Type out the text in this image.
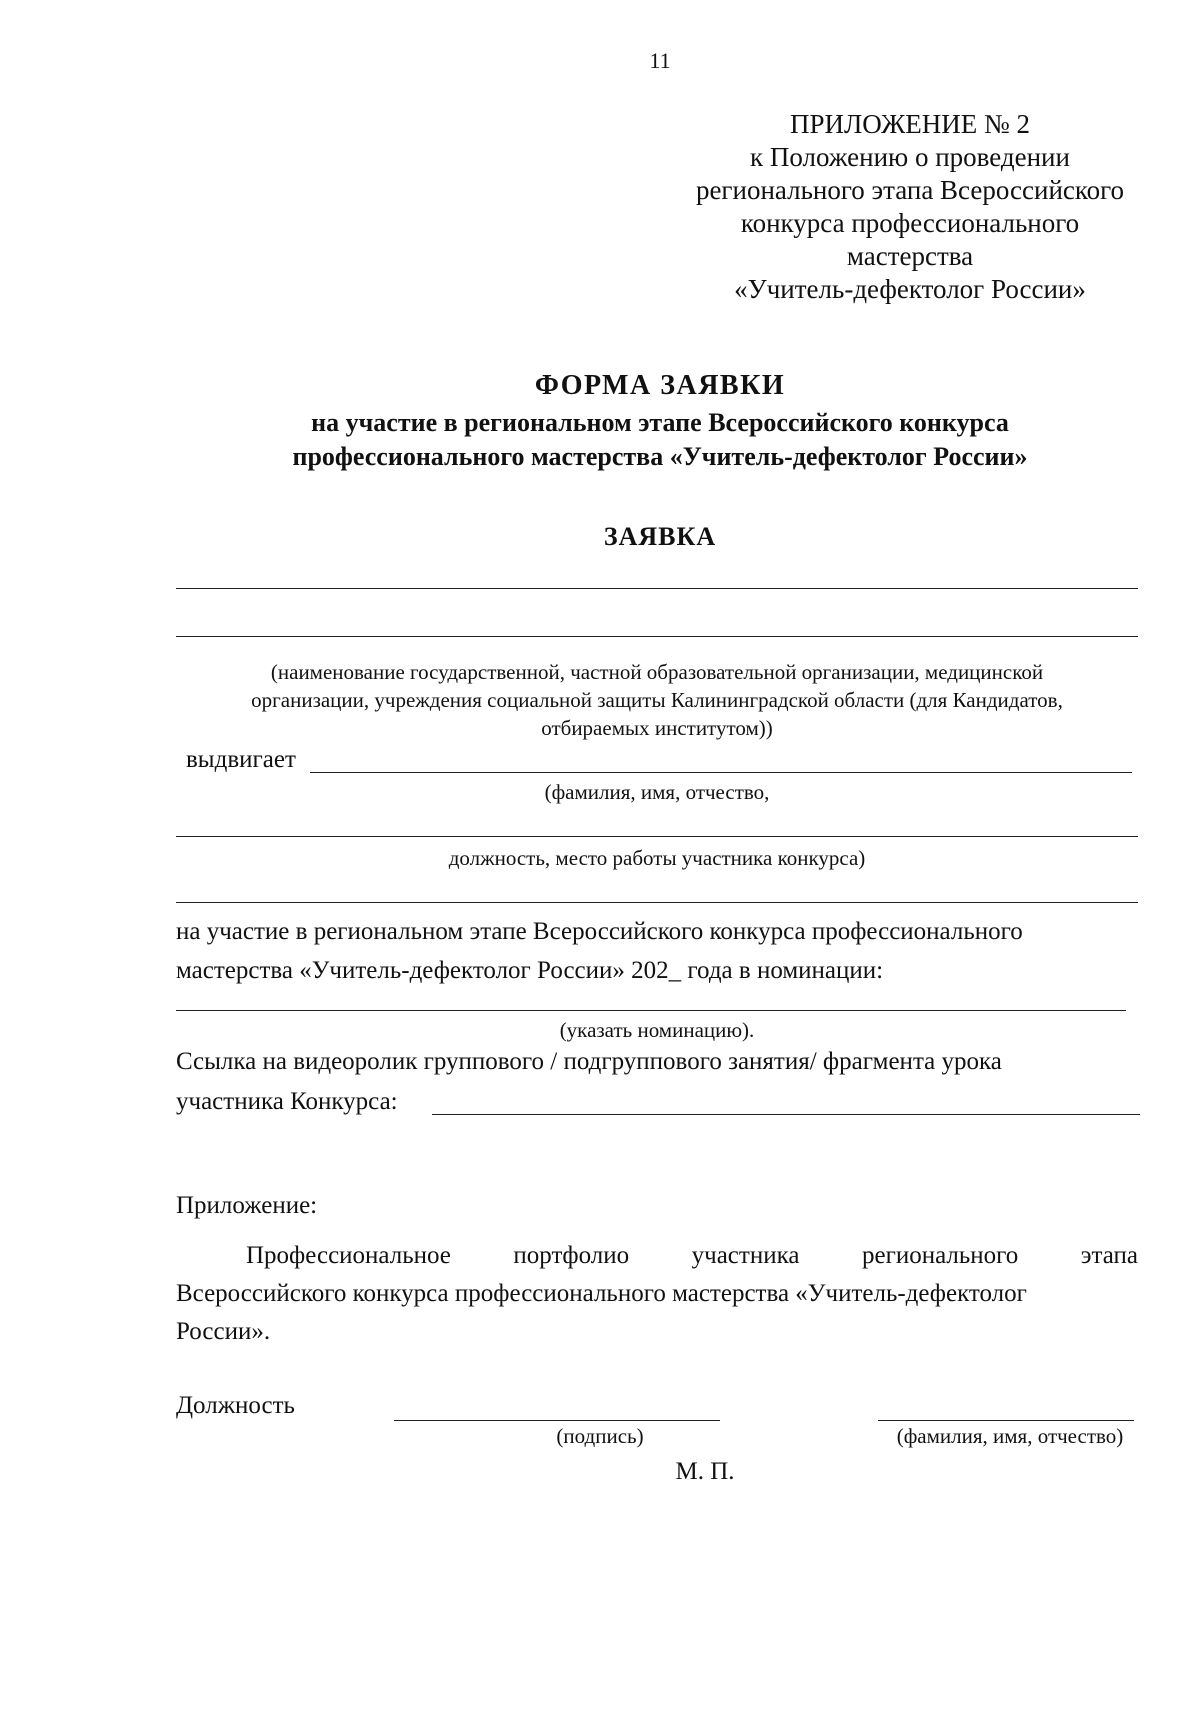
11
ПРИЛОЖЕНИЕ № 2
к Положению о проведении
регионального этапа Всероссийского
конкурса профессионального
мастерства
«Учитель-дефектолог России»
ФОРМА ЗАЯВКИ
на участие в региональном этапе Всероссийского конкурса
профессионального мастерства «Учитель-дефектолог России»
ЗАЯВКА
(наименование государственной, частной образовательной организации, медицинской
организации, учреждения социальной защиты Калининградской области (для Кандидатов,
отбираемых институтом))
выдвигает
(фамилия, имя, отчество,
должность, место работы участника конкурса)
на участие в региональном этапе Всероссийского конкурса профессионального
мастерства «Учитель-дефектолог России» 202_ года в номинации:
(указать номинацию).
Ссылка на видеоролик группового / подгруппового занятия/ фрагмента урока
участника Конкурса:
Приложение:
Профессиональное	портфолио	участника	регионального	этапа
Всероссийского конкурса профессионального мастерства «Учитель-дефектолог
России».
Должность
(подпись)	(фамилия, имя, отчество)
М. П.
